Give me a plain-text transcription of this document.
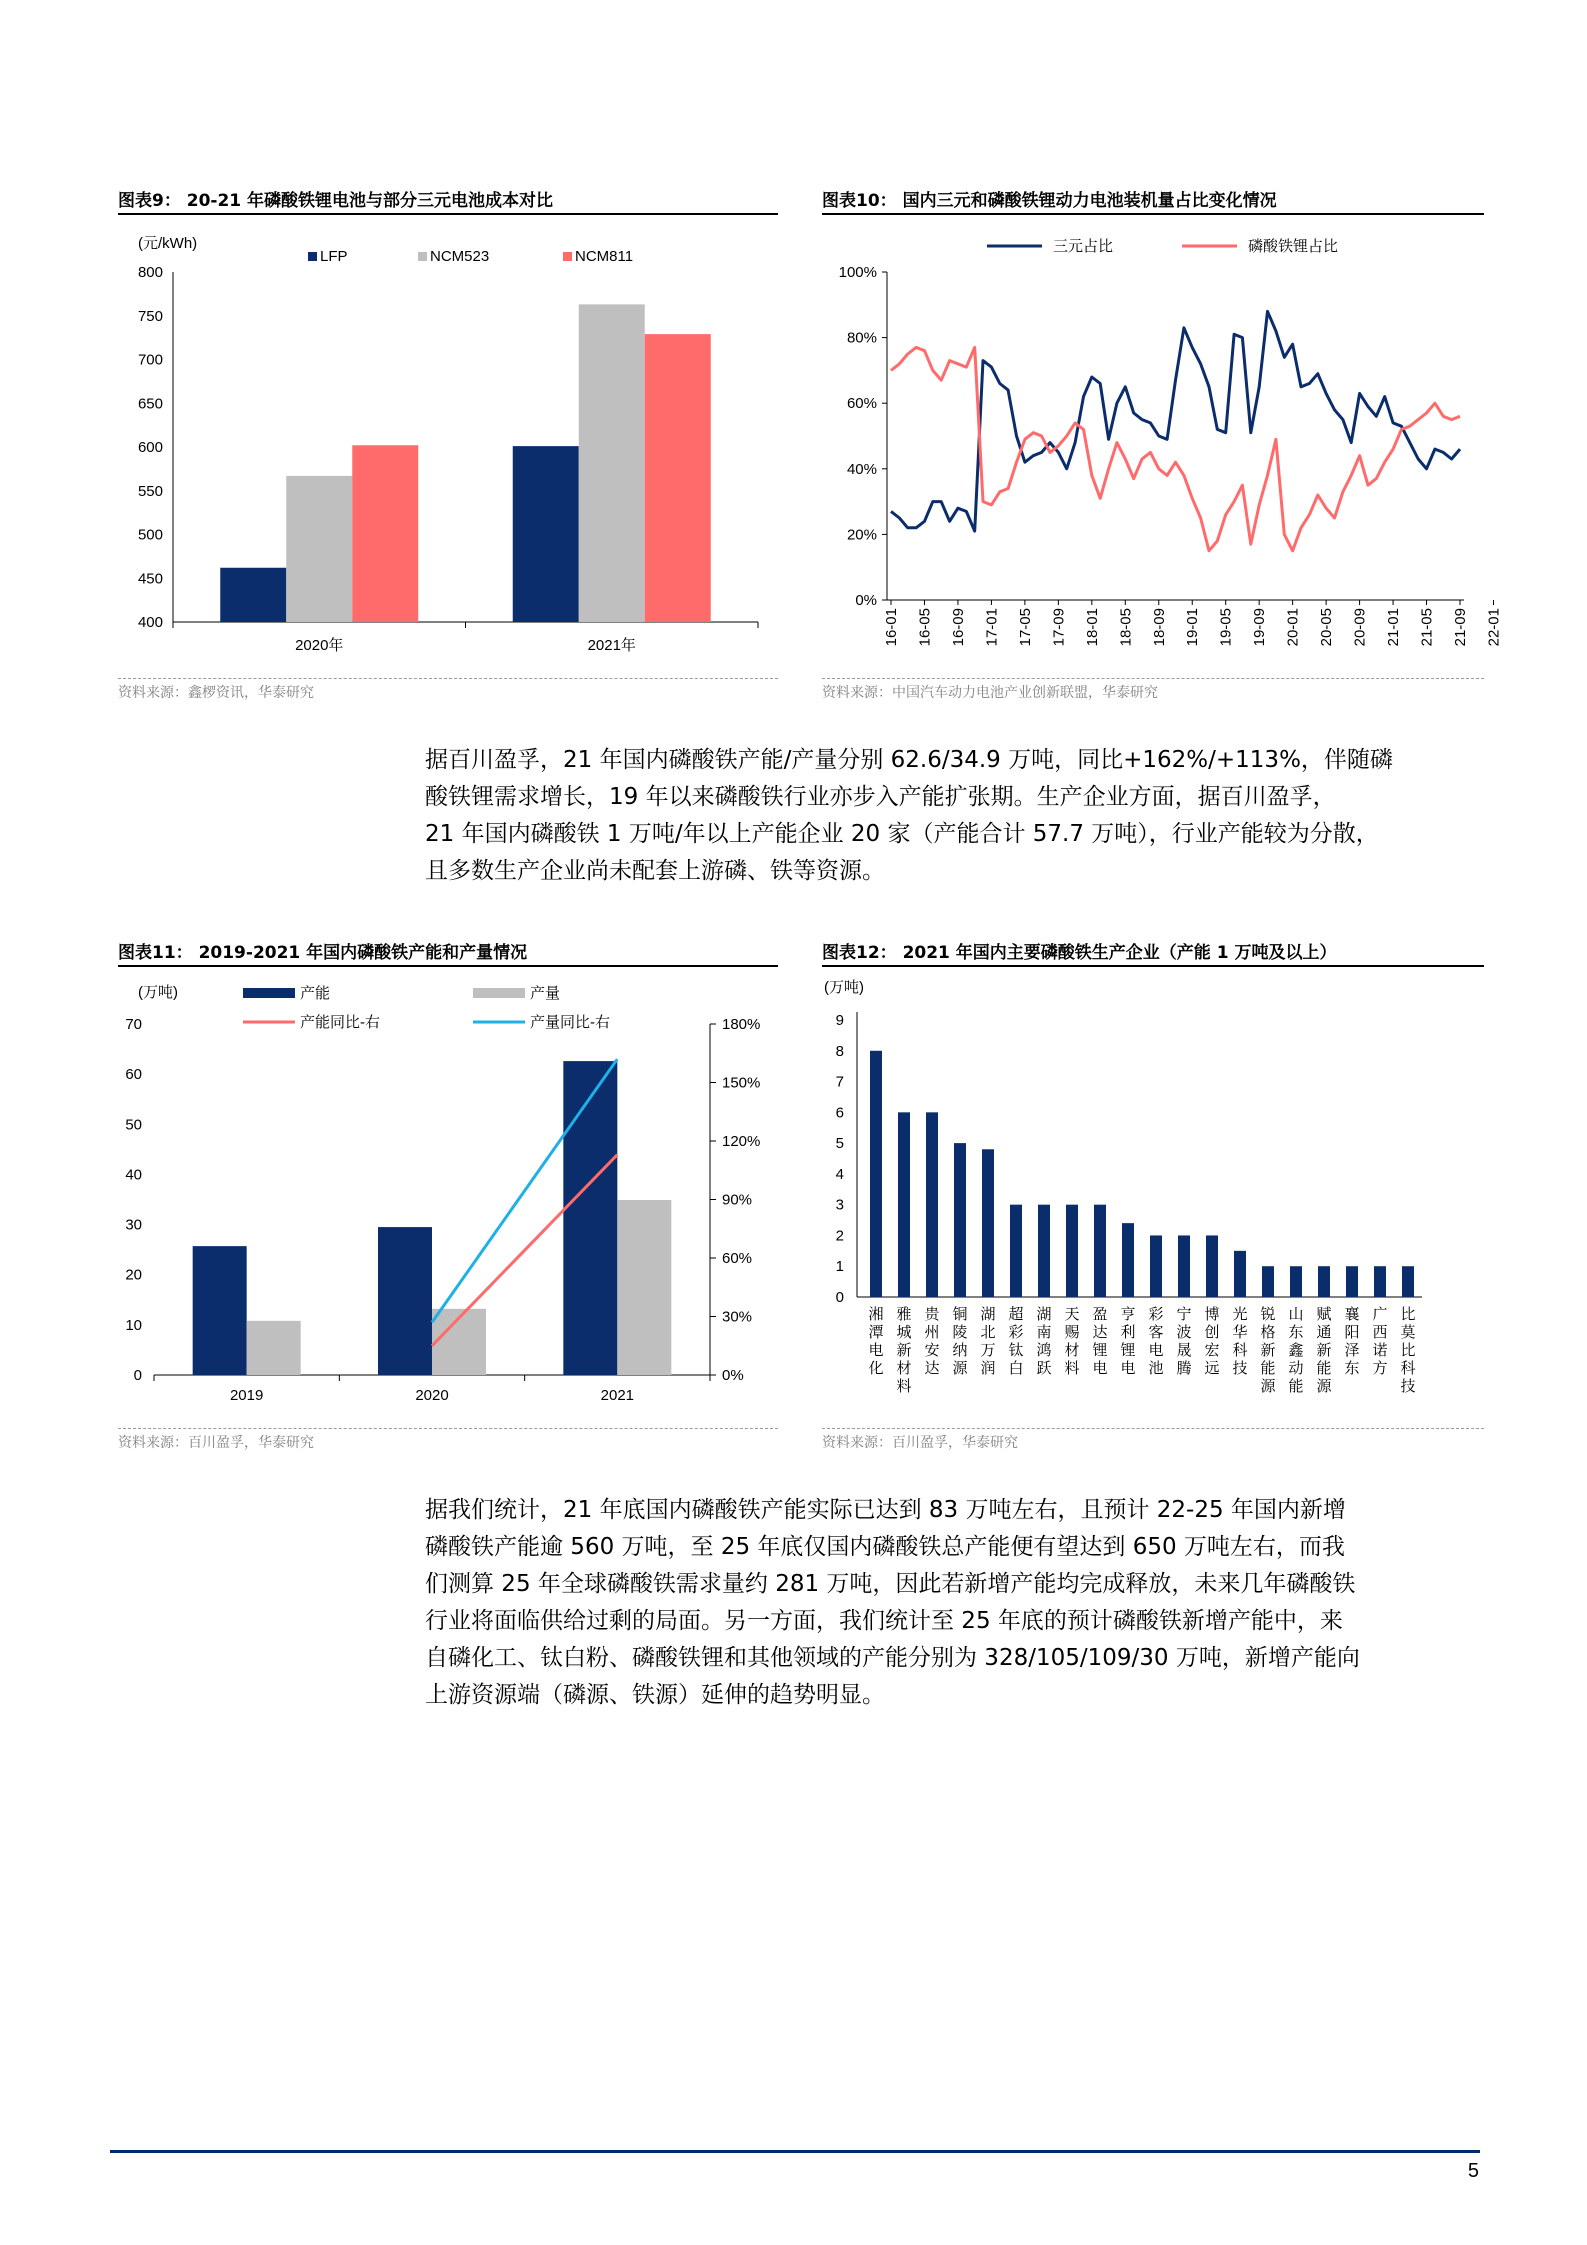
图表9： 20-21 年磷酸铁锂电池与部分三元电池成本对比
(元/kWh)
400
450
500
550
600
650
700
750
800
2020年	2021年
LFP	NCM523	NCM811
资料来源：鑫椤资讯，华泰研究
图表10： 国内三元和磷酸铁锂动力电池装机量占比变化情况
0%
20%
40%
60%
80%
100%
16-01 16-05 16-09 17-01 17-05 17-09 18-01 18-05 18-09 19-01 19-05 19-09 20-01 20-05 20-09 21-01 21-05 21-09 22-01
三元占比	磷酸铁锂占比
资料来源：中国汽车动力电池产业创新联盟，华泰研究

据百川盈孚，21 年国内磷酸铁产能/产量分别 62.6/34.9 万吨，同比+162%/+113%，伴随磷
酸铁锂需求增长，19 年以来磷酸铁行业亦步入产能扩张期。生产企业方面，据百川盈孚，
21 年国内磷酸铁 1 万吨/年以上产能企业 20 家（产能合计 57.7 万吨），行业产能较为分散，
且多数生产企业尚未配套上游磷、铁等资源。

图表11： 2019-2021 年国内磷酸铁产能和产量情况
(万吨)
0
10
20
30
40
50
60
70
0%
30%
60%
90%
120%
150%
180%
2019	2020	2021
产能	产量
产能同比-右	产量同比-右
资料来源：百川盈孚，华泰研究
图表12： 2021 年国内主要磷酸铁生产企业（产能 1 万吨及以上）
(万吨)
0
1
2
3
4
5
6
7
8
9
湘潭电化
雅城新材料
贵州安达
铜陵纳源
湖北万润
超彩钛白
湖南鸿跃
天赐材料
盈达锂电
亨利锂电
彩客电池
宁波晟腾
博创宏远
光华科技
锐格新能源
山东鑫动能
赋通新能源
襄阳泽东
广西诺方
比莫比科技
资料来源：百川盈孚，华泰研究

据我们统计，21 年底国内磷酸铁产能实际已达到 83 万吨左右，且预计 22-25 年国内新增
磷酸铁产能逾 560 万吨，至 25 年底仅国内磷酸铁总产能便有望达到 650 万吨左右，而我
们测算 25 年全球磷酸铁需求量约 281 万吨，因此若新增产能均完成释放，未来几年磷酸铁
行业将面临供给过剩的局面。另一方面，我们统计至 25 年底的预计磷酸铁新增产能中，来
自磷化工、钛白粉、磷酸铁锂和其他领域的产能分别为 328/105/109/30 万吨，新增产能向
上游资源端（磷源、铁源）延伸的趋势明显。

5
